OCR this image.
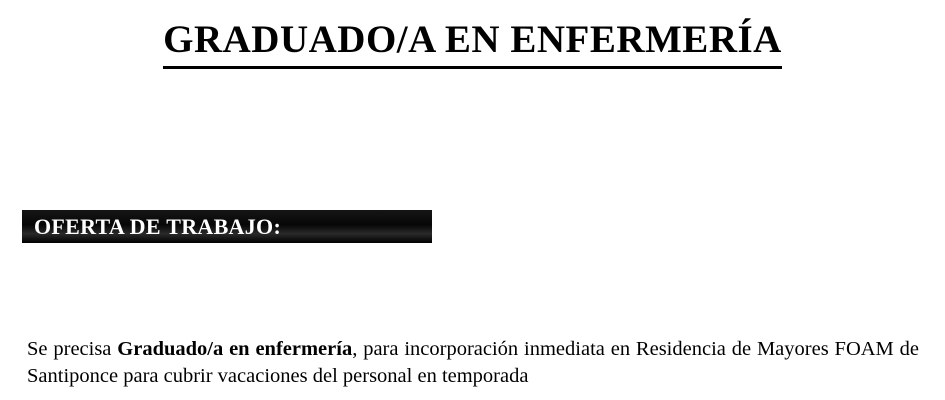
GRADUADO/A EN ENFERMERÍA
OFERTA DE TRABAJO:

Se precisa Graduado/a en enfermería, para incorporación inmediata en Residencia de Mayores FOAM de Santiponce para cubrir vacaciones del personal en temporada
